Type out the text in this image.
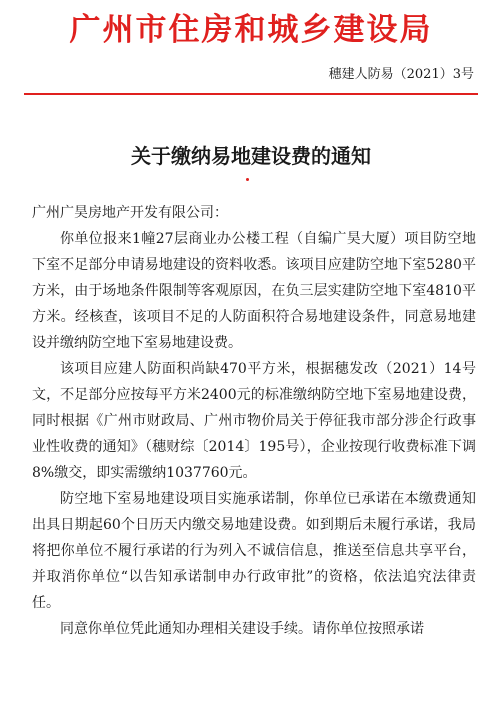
广州市住房和城乡建设局
穗建人防易（2021）3号
关于缴纳易地建设费的通知

广州广昊房地产开发有限公司：

你单位报来1幢27层商业办公楼工程（自编广昊大厦）项目防空地下室不足部分申请易地建设的资料收悉。该项目应建防空地下室5280平方米，由于场地条件限制等客观原因，在负三层实建防空地下室4810平方米。经核查，该项目不足的人防面积符合易地建设条件，同意易地建设并缴纳防空地下室易地建设费。

该项目应建人防面积尚缺470平方米，根据穗发改（2021）14号文，不足部分应按每平方米2400元的标准缴纳防空地下室易地建设费，同时根据《广州市财政局、广州市物价局关于停征我市部分涉企行政事业性收费的通知》（穗财综〔2014〕195号），企业按现行收费标准下调8%缴交，即实需缴纳1037760元。

防空地下室易地建设项目实施承诺制，你单位已承诺在本缴费通知出具日期起60个日历天内缴交易地建设费。如到期后未履行承诺，我局将把你单位不履行承诺的行为列入不诚信信息，推送至信息共享平台，并取消你单位“以告知承诺制申办行政审批”的资格，依法追究法律责任。

同意你单位凭此通知办理相关建设手续。请你单位按照承诺
